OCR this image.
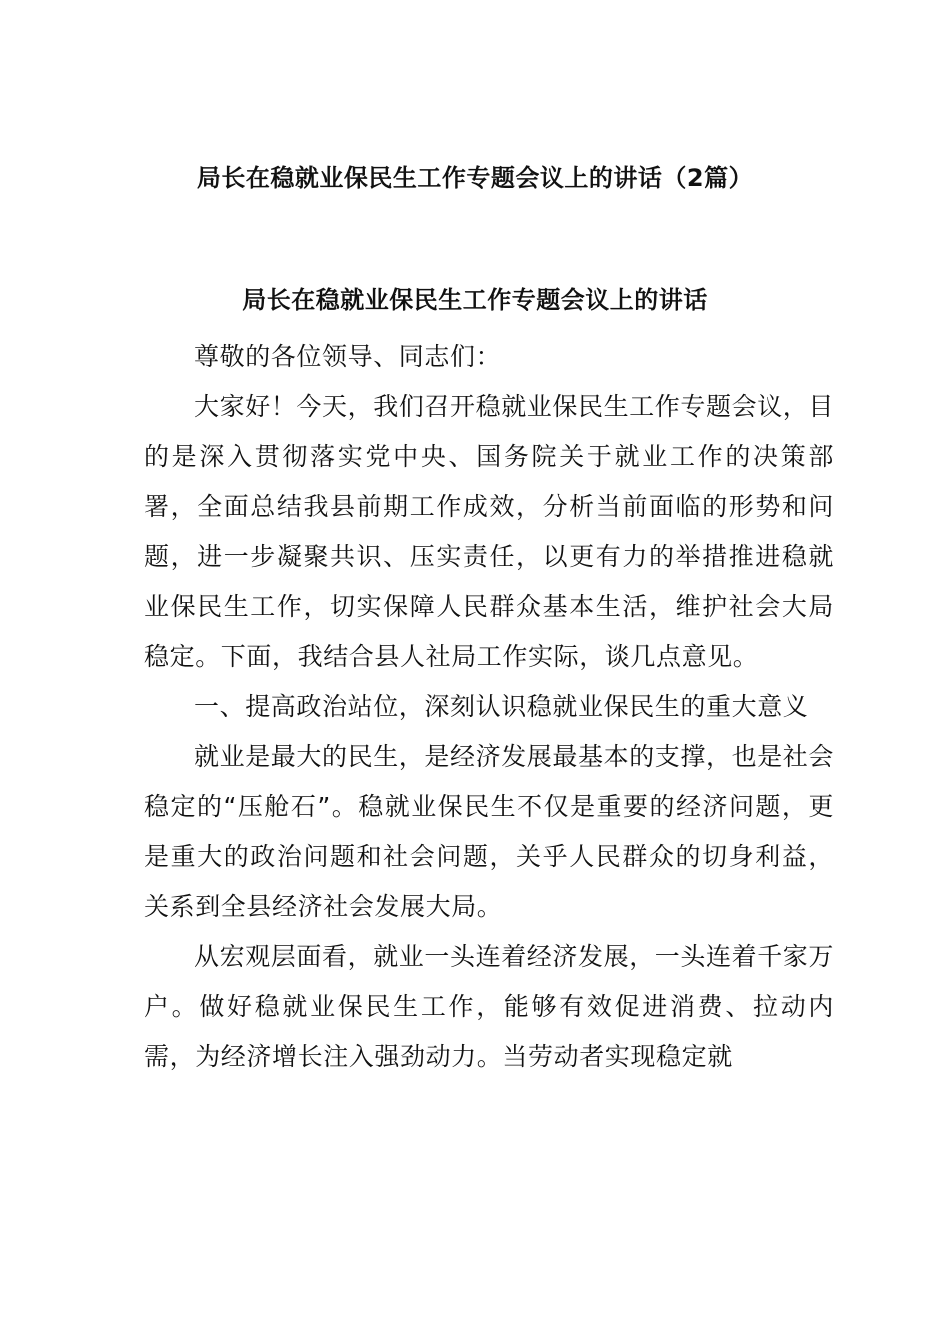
局长在稳就业保民生工作专题会议上的讲话（2篇）
局长在稳就业保民生工作专题会议上的讲话

尊敬的各位领导、同志们：

大家好！今天，我们召开稳就业保民生工作专题会议，目的是深入贯彻落实党中央、国务院关于就业工作的决策部署，全面总结我县前期工作成效，分析当前面临的形势和问题，进一步凝聚共识、压实责任，以更有力的举措推进稳就业保民生工作，切实保障人民群众基本生活，维护社会大局稳定。下面，我结合县人社局工作实际，谈几点意见。

一、提高政治站位，深刻认识稳就业保民生的重大意义

就业是最大的民生，是经济发展最基本的支撑，也是社会稳定的“压舱石”。稳就业保民生不仅是重要的经济问题，更是重大的政治问题和社会问题，关乎人民群众的切身利益，关系到全县经济社会发展大局。

从宏观层面看，就业一头连着经济发展，一头连着千家万户。做好稳就业保民生工作，能够有效促进消费、拉动内需，为经济增长注入强劲动力。当劳动者实现稳定就
